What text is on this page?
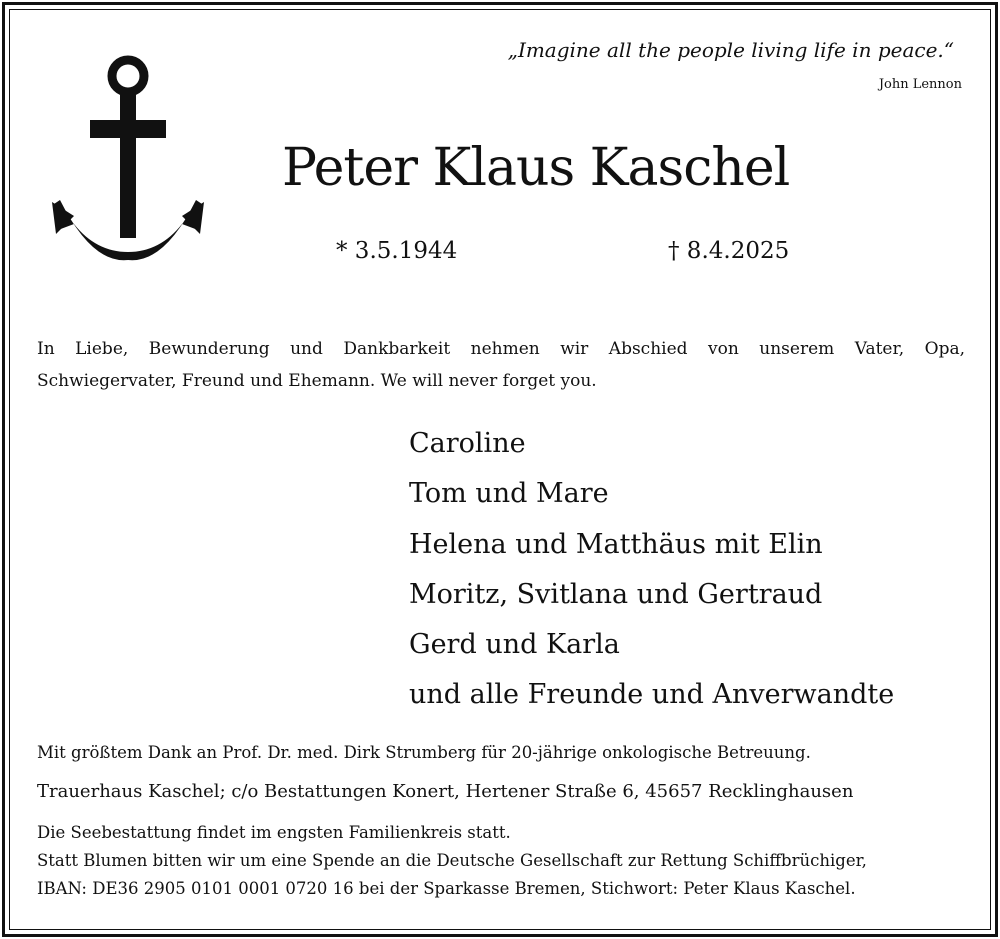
„Imagine all the people living life in peace.“
John Lennon
Peter Klaus Kaschel
* 3.5.1944	† 8.4.2025
In Liebe, Bewunderung und Dankbarkeit nehmen wir Abschied von unserem Vater, Opa,
Schwiegervater, Freund und Ehemann. We will never forget you.
Caroline
Tom und Mare
Helena und Matthäus mit Elin
Moritz, Svitlana und Gertraud
Gerd und Karla
und alle Freunde und Anverwandte
Mit größtem Dank an Prof. Dr. med. Dirk Strumberg für 20-jährige onkologische Betreuung.
Trauerhaus Kaschel; c/o Bestattungen Konert, Hertener Straße 6, 45657 Recklinghausen
Die Seebestattung findet im engsten Familienkreis statt.
Statt Blumen bitten wir um eine Spende an die Deutsche Gesellschaft zur Rettung Schiffbrüchiger,
IBAN: DE36 2905 0101 0001 0720 16 bei der Sparkasse Bremen, Stichwort: Peter Klaus Kaschel.
